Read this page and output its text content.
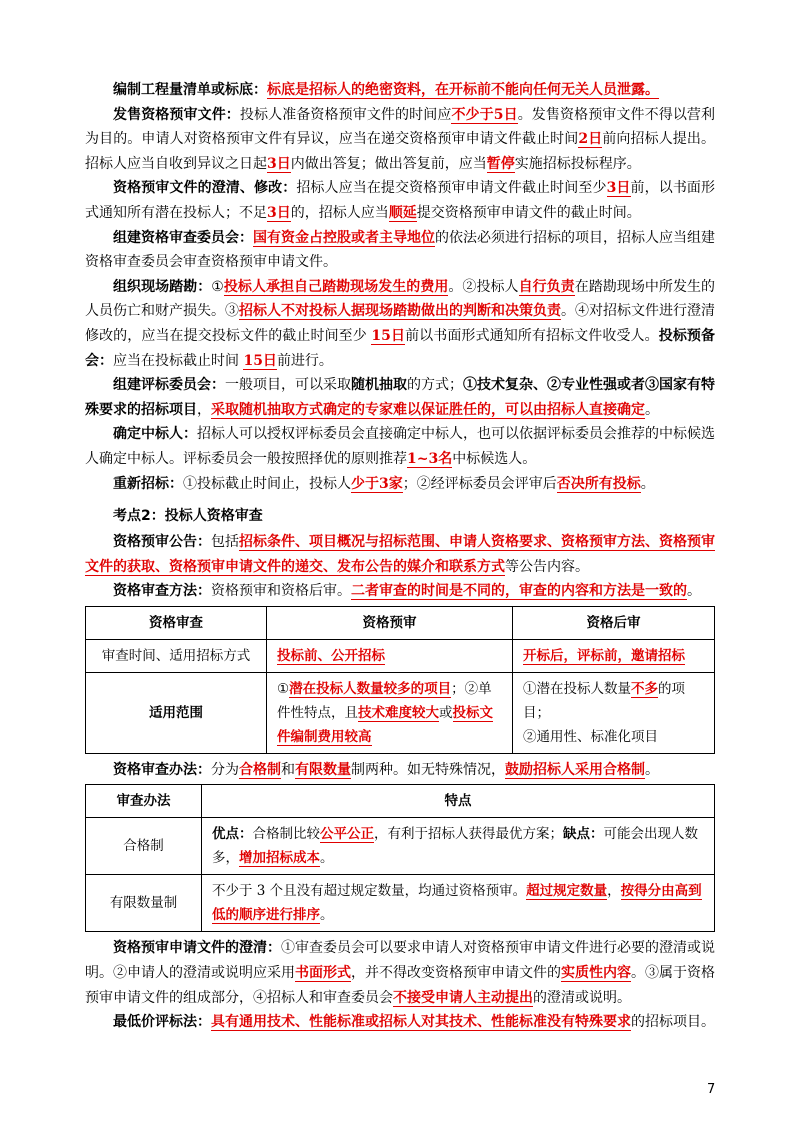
编制工程量清单或标底：标底是招标人的绝密资料，在开标前不能向任何无关人员泄露。

发售资格预审文件：投标人准备资格预审文件的时间应不少于5日。发售资格预审文件不得以营利为目的。申请人对资格预审文件有异议，应当在递交资格预审申请文件截止时间2日前向招标人提出。招标人应当自收到异议之日起3日内做出答复；做出答复前，应当暂停实施招标投标程序。

资格预审文件的澄清、修改：招标人应当在提交资格预审申请文件截止时间至少3日前，以书面形式通知所有潜在投标人；不足3日的，招标人应当顺延提交资格预审申请文件的截止时间。

组建资格审查委员会：国有资金占控股或者主导地位的依法必须进行招标的项目，招标人应当组建资格审查委员会审查资格预审申请文件。

组织现场踏勘：①投标人承担自己踏勘现场发生的费用。②投标人自行负责在踏勘现场中所发生的人员伤亡和财产损失。③招标人不对投标人据现场踏勘做出的判断和决策负责。④对招标文件进行澄清修改的，应当在提交投标文件的截止时间至少 15日前以书面形式通知所有招标文件收受人。投标预备会：应当在投标截止时间 15日前进行。

组建评标委员会：一般项目，可以采取随机抽取的方式；①技术复杂、②专业性强或者③国家有特殊要求的招标项目，采取随机抽取方式确定的专家难以保证胜任的，可以由招标人直接确定。

确定中标人：招标人可以授权评标委员会直接确定中标人，也可以依据评标委员会推荐的中标候选人确定中标人。评标委员会一般按照择优的原则推荐1~3名中标候选人。

重新招标：①投标截止时间止，投标人少于3家；②经评标委员会评审后否决所有投标。

考点2：投标人资格审查

资格预审公告：包括招标条件、项目概况与招标范围、申请人资格要求、资格预审方法、资格预审文件的获取、资格预审申请文件的递交、发布公告的媒介和联系方式等公告内容。

资格审查方法：资格预审和资格后审。二者审查的时间是不同的，审查的内容和方法是一致的。

资格审查	资格预审	资格后审
审查时间、适用招标方式	投标前、公开招标	开标后，评标前，邀请招标
适用范围	①潜在投标人数量较多的项目；②单件性特点，且技术难度较大或投标文件编制费用较高	①潜在投标人数量不多的项目；
②通用性、标准化项目

资格审查办法：分为合格制和有限数量制两种。如无特殊情况，鼓励招标人采用合格制。

审查办法	特点
合格制	优点：合格制比较公平公正，有利于招标人获得最优方案；缺点：可能会出现人数多，增加招标成本。
有限数量制	不少于 3 个且没有超过规定数量，均通过资格预审。超过规定数量，按得分由高到低的顺序进行排序。

资格预审申请文件的澄清：①审查委员会可以要求申请人对资格预审申请文件进行必要的澄清或说明。②申请人的澄清或说明应采用书面形式，并不得改变资格预审申请文件的实质性内容。③属于资格预审申请文件的组成部分，④招标人和审查委员会不接受申请人主动提出的澄清或说明。

最低价评标法：具有通用技术、性能标准或招标人对其技术、性能标准没有特殊要求的招标项目。

7
